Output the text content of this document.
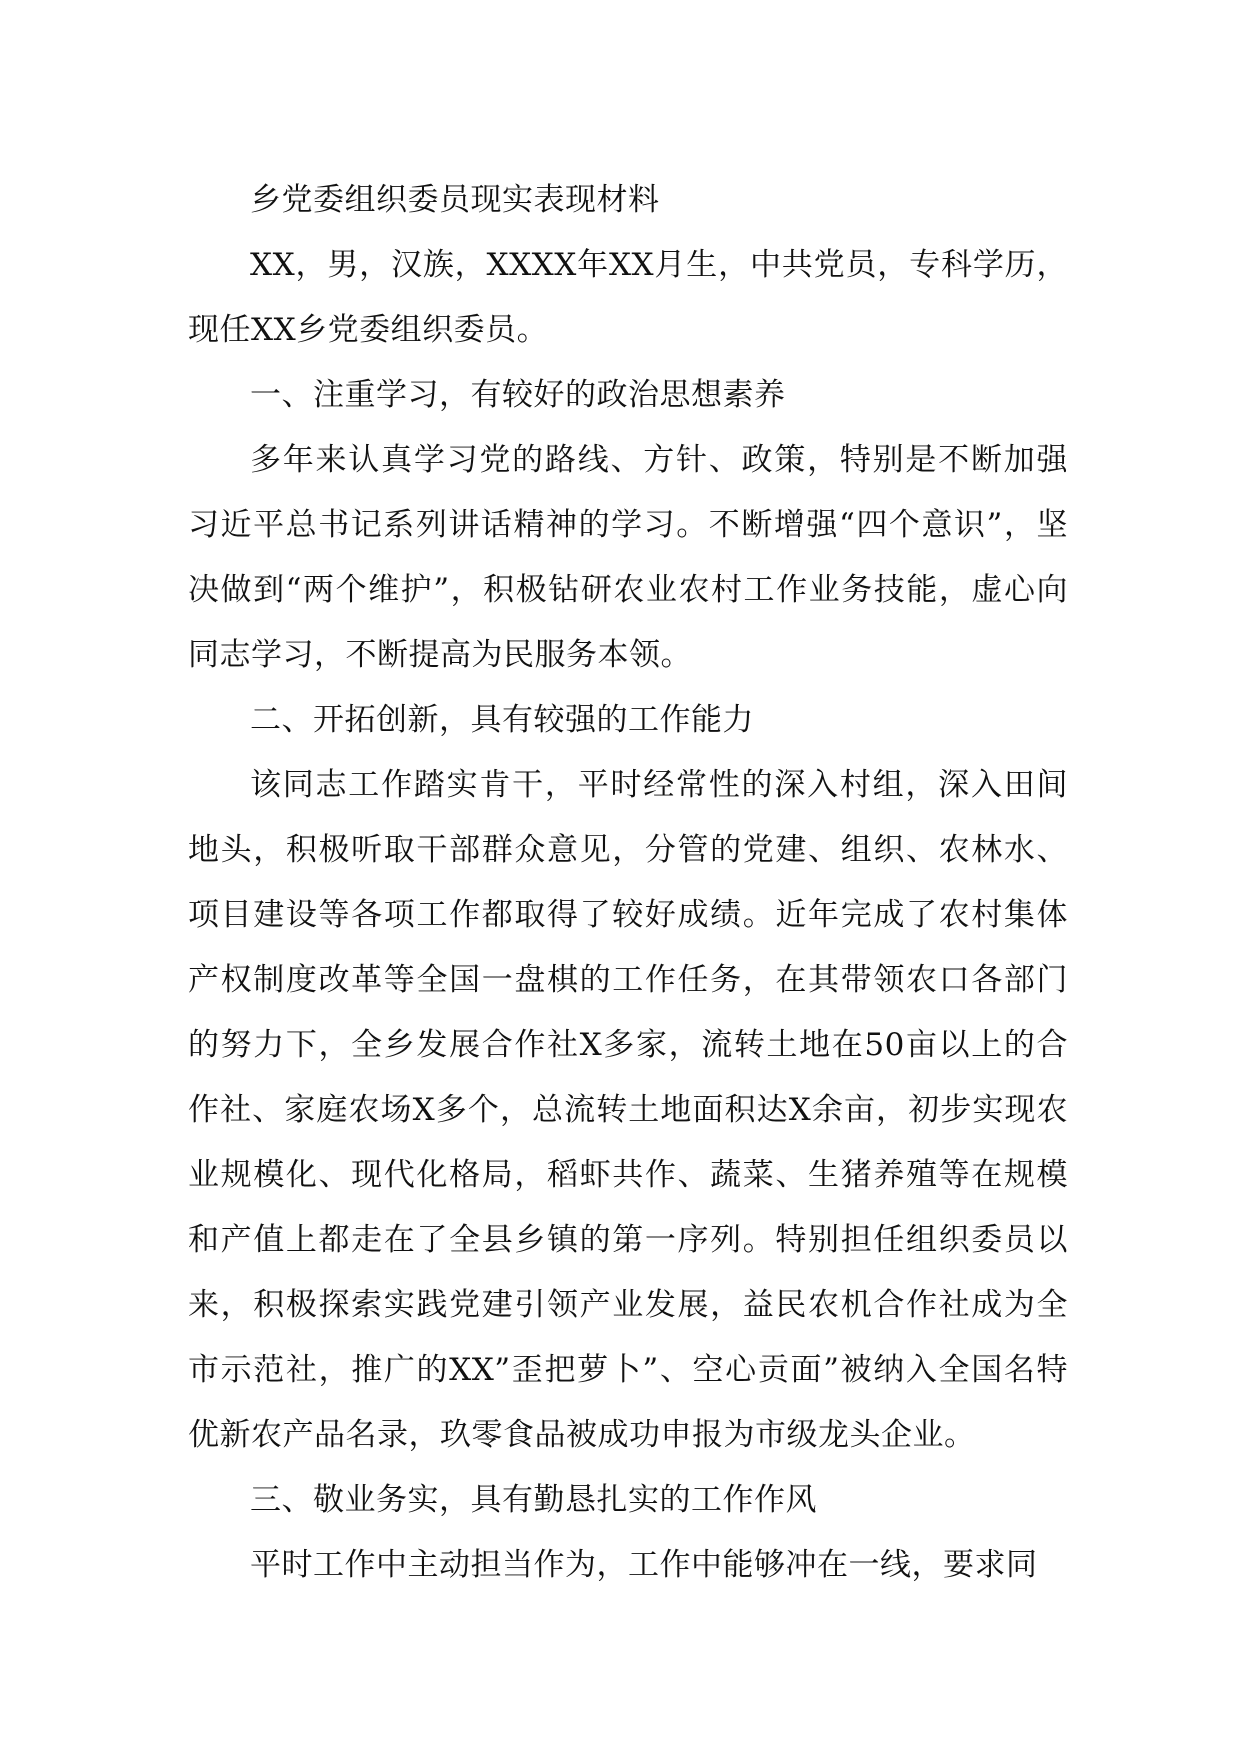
乡党委组织委员现实表现材料

XX，男，汉族，XXXX年XX月生，中共党员，专科学历，现任XX乡党委组织委员。

一、注重学习，有较好的政治思想素养

多年来认真学习党的路线、方针、政策，特别是不断加强习近平总书记系列讲话精神的学习。不断增强“四个意识”，坚决做到“两个维护”，积极钻研农业农村工作业务技能，虚心向同志学习，不断提高为民服务本领。

二、开拓创新，具有较强的工作能力

该同志工作踏实肯干，平时经常性的深入村组，深入田间地头，积极听取干部群众意见，分管的党建、组织、农林水、项目建设等各项工作都取得了较好成绩。近年完成了农村集体产权制度改革等全国一盘棋的工作任务，在其带领农口各部门的努力下，全乡发展合作社X多家，流转土地在50亩以上的合作社、家庭农场X多个，总流转土地面积达X余亩，初步实现农业规模化、现代化格局，稻虾共作、蔬菜、生猪养殖等在规模和产值上都走在了全县乡镇的第一序列。特别担任组织委员以来，积极探索实践党建引领产业发展，益民农机合作社成为全市示范社，推广的XX”歪把萝卜”、空心贡面”被纳入全国名特优新农产品名录，玖零食品被成功申报为市级龙头企业。

三、敬业务实，具有勤恳扎实的工作作风

平时工作中主动担当作为，工作中能够冲在一线，要求同
